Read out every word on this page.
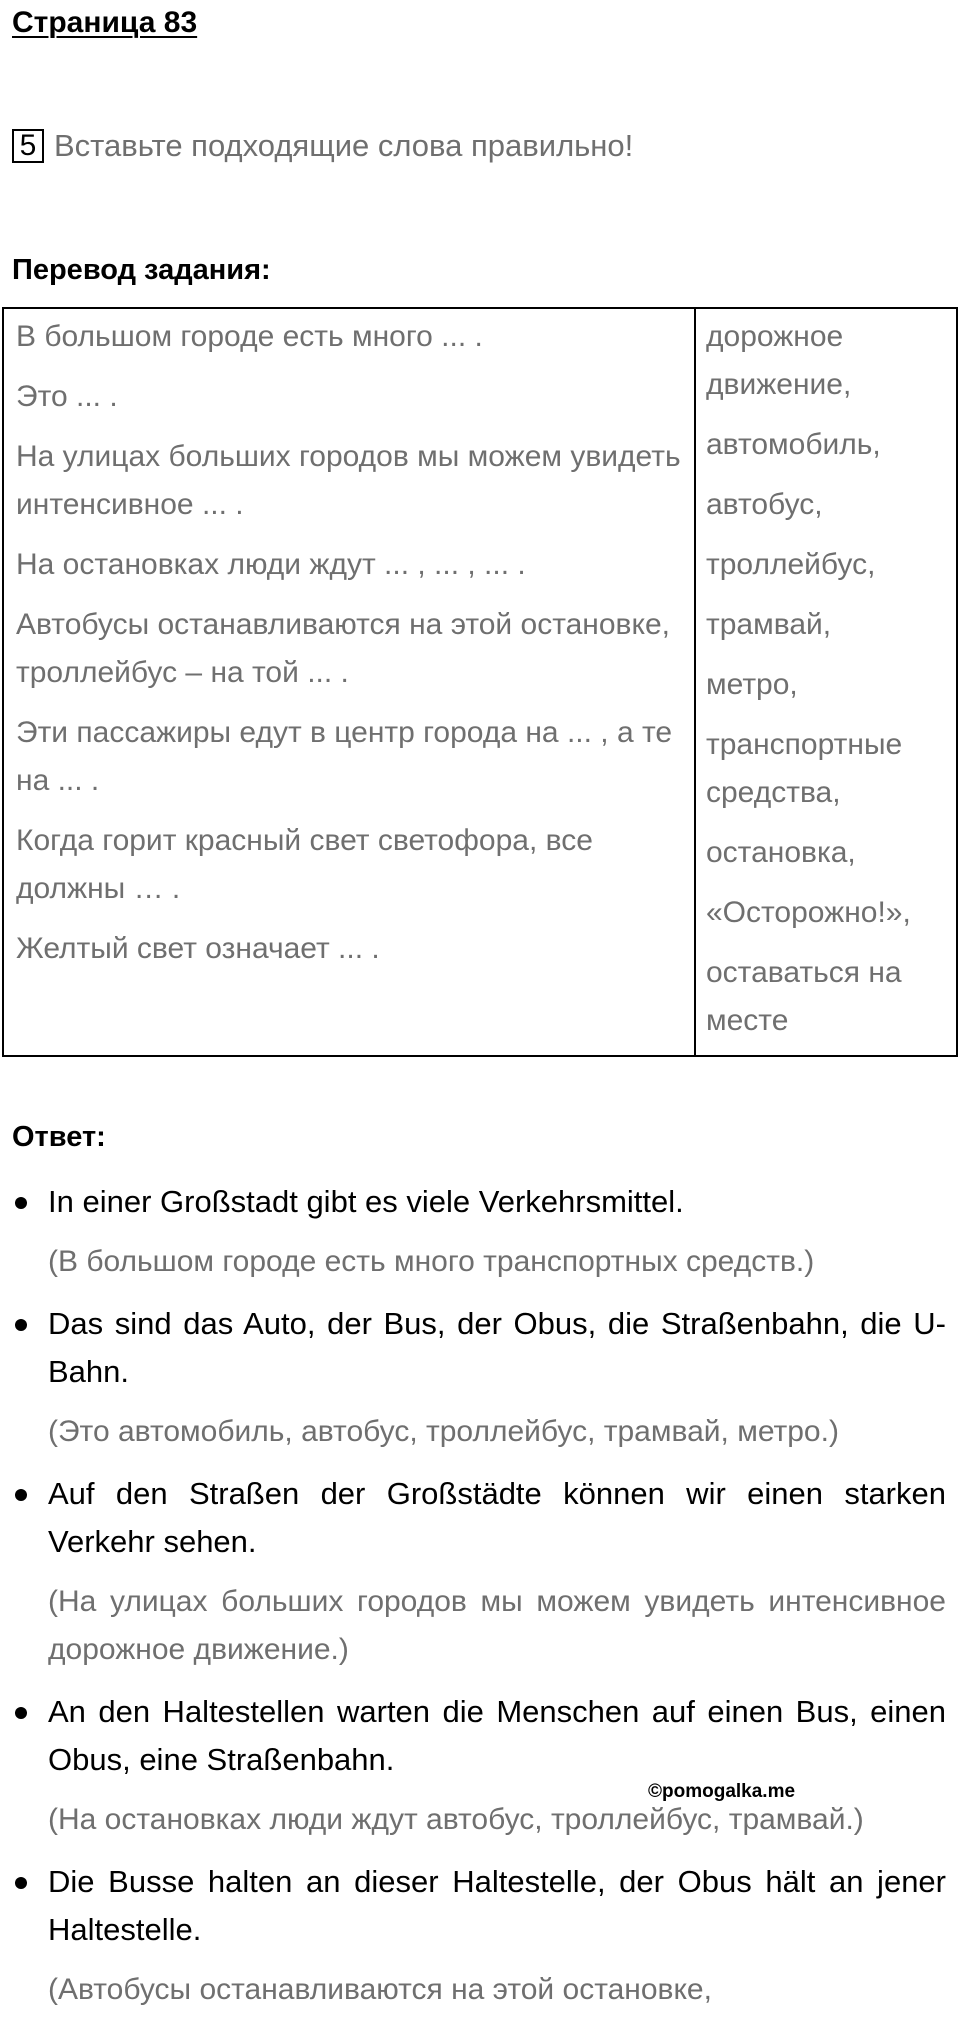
Страница 83
5 Вставьте подходящие слова правильно!
Перевод задания:
В большом городе есть много ... .
Это ... .
На улицах больших городов мы можем увидеть интенсивное ... .
На остановках люди ждут ... , ... , ... .
Автобусы останавливаются на этой остановке, троллейбус – на той ... .
Эти пассажиры едут в центр города на ... , а те на ... .
Когда горит красный свет светофора, все должны … .
Желтый свет означает ... .
дорожное движение,
автомобиль,
автобус,
троллейбус,
трамвай,
метро,
транспортные средства,
остановка,
«Осторожно!»,
оставаться на месте
Ответ:
In einer Großstadt gibt es viele Verkehrsmittel.
(В большом городе есть много транспортных средств.)
Das sind das Auto, der Bus, der Obus, die Straßenbahn, die U-Bahn.
(Это автомобиль, автобус, троллейбус, трамвай, метро.)
Auf den Straßen der Großstädte können wir einen starken Verkehr sehen.
(На улицах больших городов мы можем увидеть интенсивное дорожное движение.)
An den Haltestellen warten die Menschen auf einen Bus, einen Obus, eine Straßenbahn.
(На остановках люди ждут автобус, троллейбус, трамвай.)
Die Busse halten an dieser Haltestelle, der Obus hält an jener Haltestelle.
(Автобусы останавливаются на этой остановке,
©pomogalka.me
